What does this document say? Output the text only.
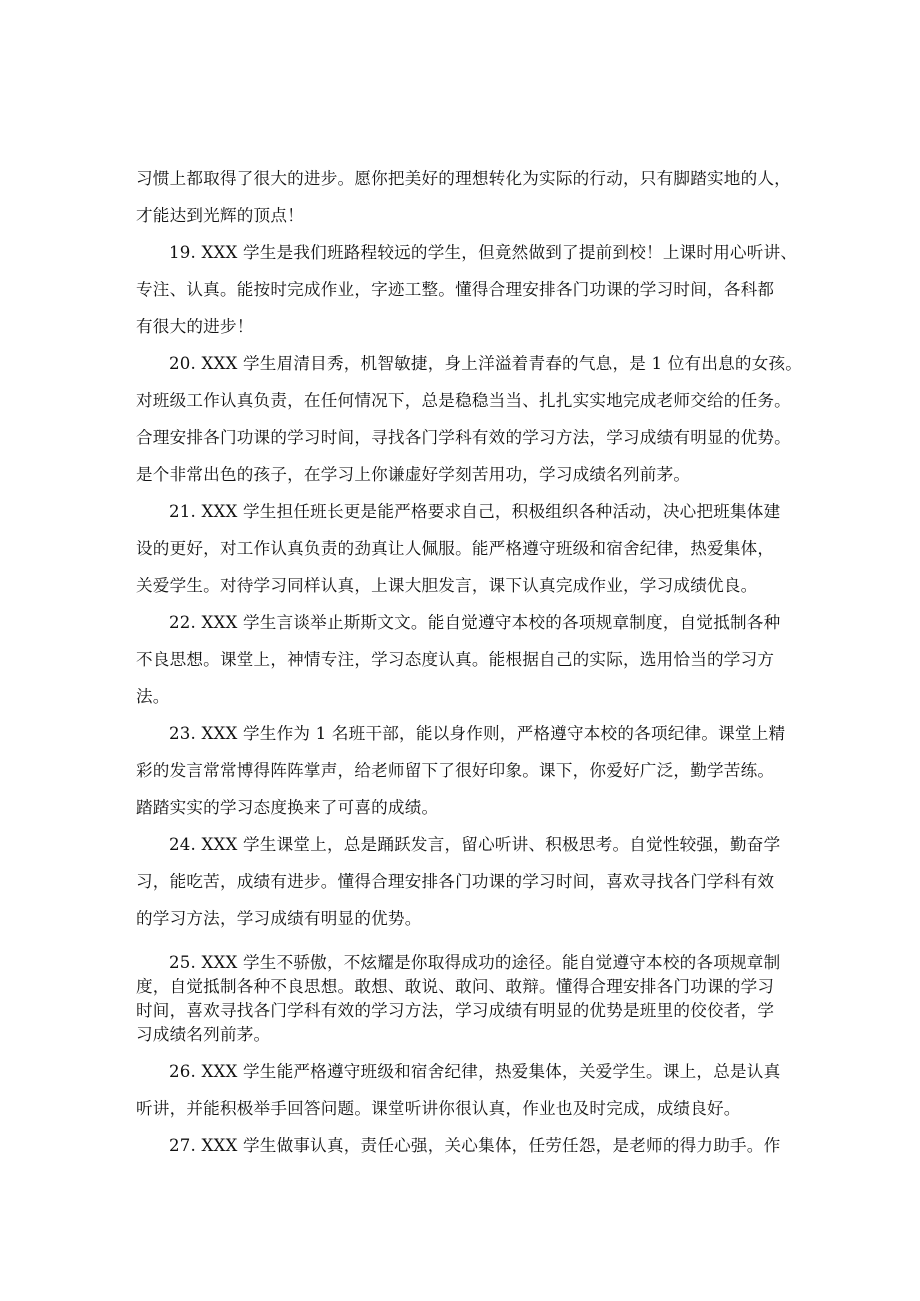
习惯上都取得了很大的进步。愿你把美好的理想转化为实际的行动，只有脚踏实地的人，
才能达到光辉的顶点！

19. XXX 学生是我们班路程较远的学生，但竟然做到了提前到校！上课时用心听讲、
专注、认真。能按时完成作业，字迹工整。懂得合理安排各门功课的学习时间，各科都
有很大的进步！

20. XXX 学生眉清目秀，机智敏捷，身上洋溢着青春的气息，是 1 位有出息的女孩。
对班级工作认真负责，在任何情况下，总是稳稳当当、扎扎实实地完成老师交给的任务。
合理安排各门功课的学习时间，寻找各门学科有效的学习方法，学习成绩有明显的优势。
是个非常出色的孩子，在学习上你谦虚好学刻苦用功，学习成绩名列前茅。

21. XXX 学生担任班长更是能严格要求自己，积极组织各种活动，决心把班集体建
设的更好，对工作认真负责的劲真让人佩服。能严格遵守班级和宿舍纪律，热爱集体，
关爱学生。对待学习同样认真，上课大胆发言，课下认真完成作业，学习成绩优良。

22. XXX 学生言谈举止斯斯文文。能自觉遵守本校的各项规章制度，自觉抵制各种
不良思想。课堂上，神情专注，学习态度认真。能根据自己的实际，选用恰当的学习方
法。

23. XXX 学生作为 1 名班干部，能以身作则，严格遵守本校的各项纪律。课堂上精
彩的发言常常博得阵阵掌声，给老师留下了很好印象。课下，你爱好广泛，勤学苦练。
踏踏实实的学习态度换来了可喜的成绩。

24. XXX 学生课堂上，总是踊跃发言，留心听讲、积极思考。自觉性较强，勤奋学
习，能吃苦，成绩有进步。懂得合理安排各门功课的学习时间，喜欢寻找各门学科有效
的学习方法，学习成绩有明显的优势。

25. XXX 学生不骄傲，不炫耀是你取得成功的途径。能自觉遵守本校的各项规章制
度，自觉抵制各种不良思想。敢想、敢说、敢问、敢辩。懂得合理安排各门功课的学习
时间，喜欢寻找各门学科有效的学习方法，学习成绩有明显的优势是班里的佼佼者，学
习成绩名列前茅。

26. XXX 学生能严格遵守班级和宿舍纪律，热爱集体，关爱学生。课上，总是认真
听讲，并能积极举手回答问题。课堂听讲你很认真，作业也及时完成，成绩良好。

27. XXX 学生做事认真，责任心强，关心集体，任劳任怨，是老师的得力助手。作
